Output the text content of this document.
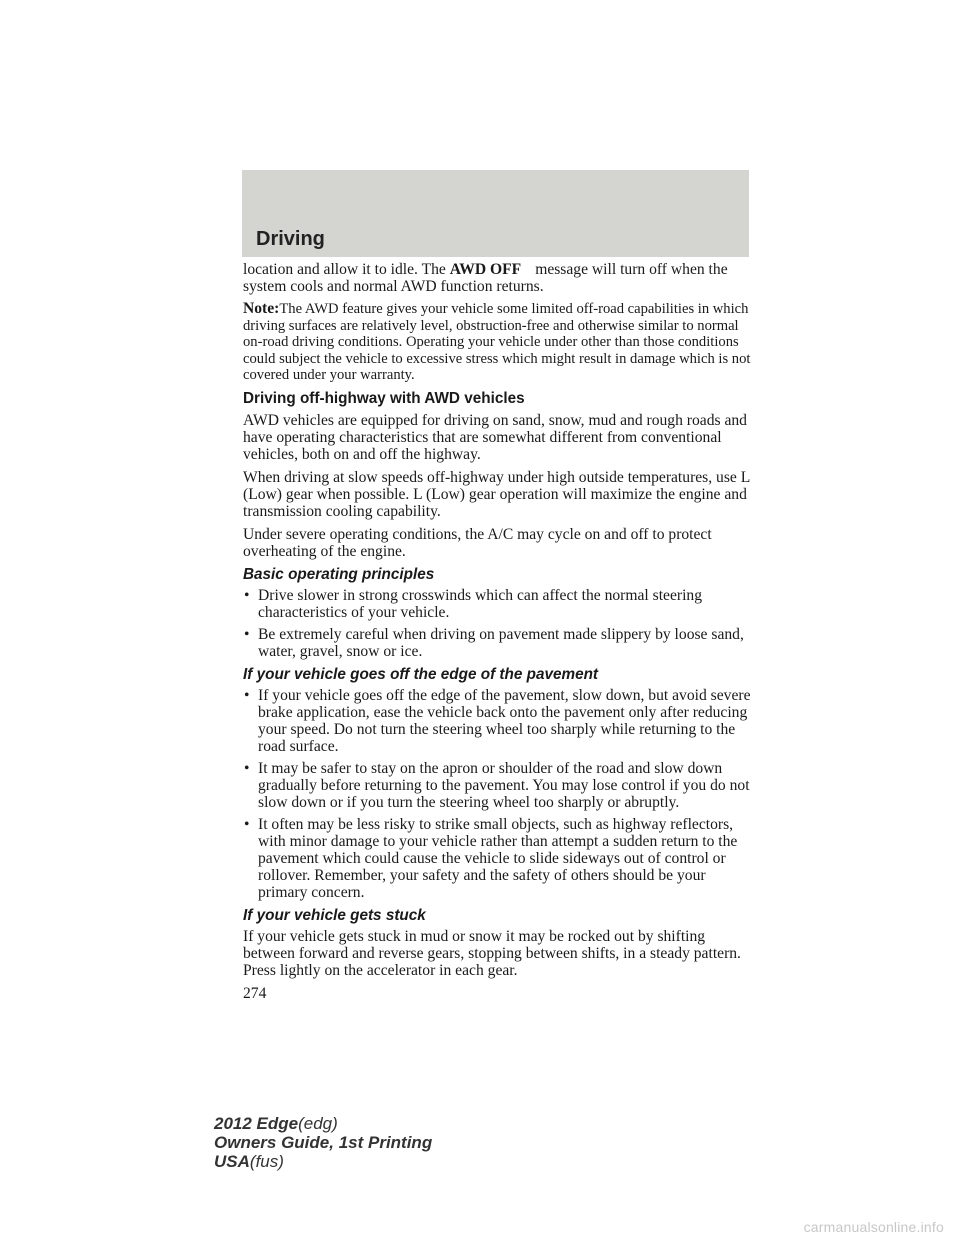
Driving

location and allow it to idle. The AWD OFF message will turn off when the system cools and normal AWD function returns.

Note:The AWD feature gives your vehicle some limited off-road capabilities in which driving surfaces are relatively level, obstruction-free and otherwise similar to normal on-road driving conditions. Operating your vehicle under other than those conditions could subject the vehicle to excessive stress which might result in damage which is not covered under your warranty.

Driving off-highway with AWD vehicles

AWD vehicles are equipped for driving on sand, snow, mud and rough roads and have operating characteristics that are somewhat different from conventional vehicles, both on and off the highway.

When driving at slow speeds off-highway under high outside temperatures, use L (Low) gear when possible. L (Low) gear operation will maximize the engine and transmission cooling capability.

Under severe operating conditions, the A/C may cycle on and off to protect overheating of the engine.

Basic operating principles
• Drive slower in strong crosswinds which can affect the normal steering characteristics of your vehicle.
• Be extremely careful when driving on pavement made slippery by loose sand, water, gravel, snow or ice.
If your vehicle goes off the edge of the pavement
• If your vehicle goes off the edge of the pavement, slow down, but avoid severe brake application, ease the vehicle back onto the pavement only after reducing your speed. Do not turn the steering wheel too sharply while returning to the road surface.
• It may be safer to stay on the apron or shoulder of the road and slow down gradually before returning to the pavement. You may lose control if you do not slow down or if you turn the steering wheel too sharply or abruptly.
• It often may be less risky to strike small objects, such as highway reflectors, with minor damage to your vehicle rather than attempt a sudden return to the pavement which could cause the vehicle to slide sideways out of control or rollover. Remember, your safety and the safety of others should be your primary concern.
If your vehicle gets stuck

If your vehicle gets stuck in mud or snow it may be rocked out by shifting between forward and reverse gears, stopping between shifts, in a steady pattern. Press lightly on the accelerator in each gear.

274
2012 Edge(edg)
Owners Guide, 1st Printing
USA(fus)
carmanualsonline.info
